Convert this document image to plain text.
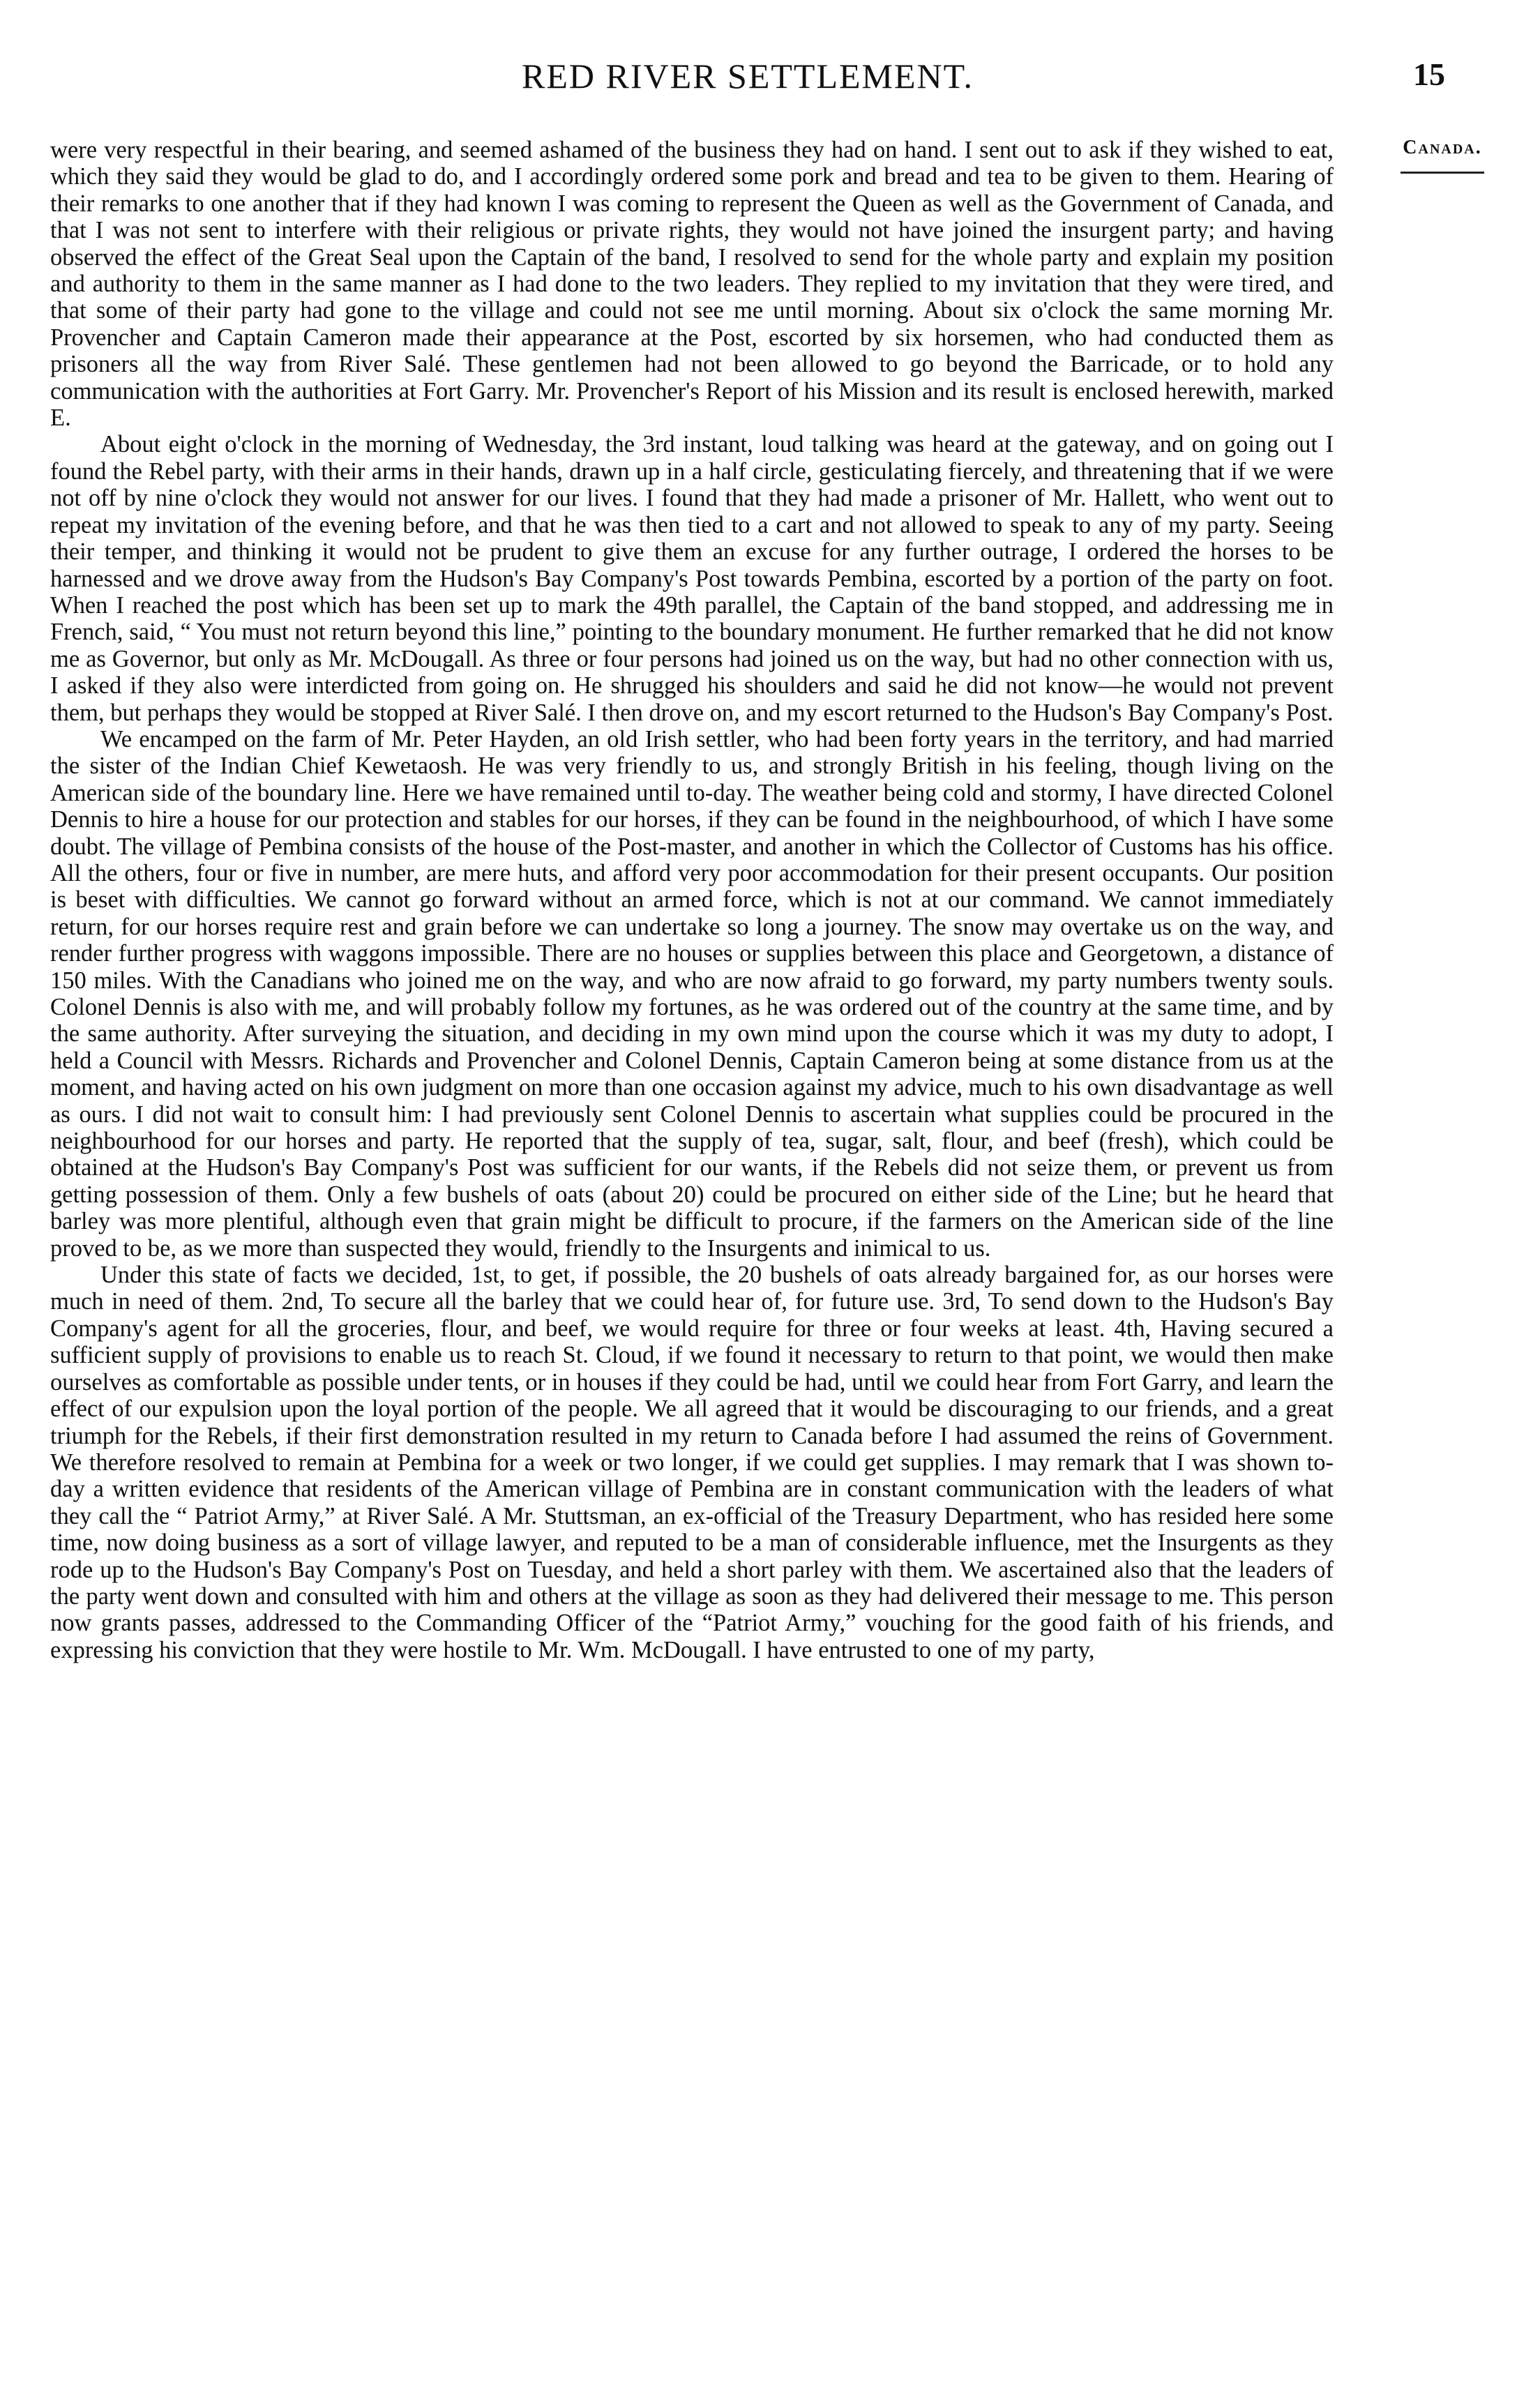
RED RIVER SETTLEMENT.	15
Canada.

were very respectful in their bearing, and seemed ashamed of the business they had on hand. I sent out to ask if they wished to eat, which they said they would be glad to do, and I accordingly ordered some pork and bread and tea to be given to them. Hearing of their remarks to one another that if they had known I was coming to represent the Queen as well as the Government of Canada, and that I was not sent to interfere with their religious or private rights, they would not have joined the insurgent party; and having observed the effect of the Great Seal upon the Captain of the band, I resolved to send for the whole party and explain my position and authority to them in the same manner as I had done to the two leaders. They replied to my invitation that they were tired, and that some of their party had gone to the village and could not see me until morning. About six o'clock the same morning Mr. Provencher and Captain Cameron made their appearance at the Post, escorted by six horsemen, who had conducted them as prisoners all the way from River Salé. These gentlemen had not been allowed to go beyond the Barricade, or to hold any communication with the authorities at Fort Garry. Mr. Provencher's Report of his Mission and its result is enclosed herewith, marked E.

About eight o'clock in the morning of Wednesday, the 3rd instant, loud talking was heard at the gateway, and on going out I found the Rebel party, with their arms in their hands, drawn up in a half circle, gesticulating fiercely, and threatening that if we were not off by nine o'clock they would not answer for our lives. I found that they had made a prisoner of Mr. Hallett, who went out to repeat my invitation of the evening before, and that he was then tied to a cart and not allowed to speak to any of my party. Seeing their temper, and thinking it would not be prudent to give them an excuse for any further outrage, I ordered the horses to be harnessed and we drove away from the Hudson's Bay Company's Post towards Pembina, escorted by a portion of the party on foot. When I reached the post which has been set up to mark the 49th parallel, the Captain of the band stopped, and addressing me in French, said, “ You must not return beyond this line,” pointing to the boundary monument. He further remarked that he did not know me as Governor, but only as Mr. McDougall. As three or four persons had joined us on the way, but had no other connection with us, I asked if they also were interdicted from going on. He shrugged his shoulders and said he did not know—he would not prevent them, but perhaps they would be stopped at River Salé. I then drove on, and my escort returned to the Hudson's Bay Company's Post.

We encamped on the farm of Mr. Peter Hayden, an old Irish settler, who had been forty years in the territory, and had married the sister of the Indian Chief Kewetaosh. He was very friendly to us, and strongly British in his feeling, though living on the American side of the boundary line. Here we have remained until to-day. The weather being cold and stormy, I have directed Colonel Dennis to hire a house for our protection and stables for our horses, if they can be found in the neighbourhood, of which I have some doubt. The village of Pembina consists of the house of the Post-master, and another in which the Collector of Customs has his office. All the others, four or five in number, are mere huts, and afford very poor accommodation for their present occupants. Our position is beset with difficulties. We cannot go forward without an armed force, which is not at our command. We cannot immediately return, for our horses require rest and grain before we can undertake so long a journey. The snow may overtake us on the way, and render further progress with waggons impossible. There are no houses or supplies between this place and Georgetown, a distance of 150 miles. With the Canadians who joined me on the way, and who are now afraid to go forward, my party numbers twenty souls. Colonel Dennis is also with me, and will probably follow my fortunes, as he was ordered out of the country at the same time, and by the same authority. After surveying the situation, and deciding in my own mind upon the course which it was my duty to adopt, I held a Council with Messrs. Richards and Provencher and Colonel Dennis, Captain Cameron being at some distance from us at the moment, and having acted on his own judgment on more than one occasion against my advice, much to his own disadvantage as well as ours. I did not wait to consult him: I had previously sent Colonel Dennis to ascertain what supplies could be procured in the neighbourhood for our horses and party. He reported that the supply of tea, sugar, salt, flour, and beef (fresh), which could be obtained at the Hudson's Bay Company's Post was sufficient for our wants, if the Rebels did not seize them, or prevent us from getting possession of them. Only a few bushels of oats (about 20) could be procured on either side of the Line; but he heard that barley was more plentiful, although even that grain might be difficult to procure, if the farmers on the American side of the line proved to be, as we more than suspected they would, friendly to the Insurgents and inimical to us.

Under this state of facts we decided, 1st, to get, if possible, the 20 bushels of oats already bargained for, as our horses were much in need of them. 2nd, To secure all the barley that we could hear of, for future use. 3rd, To send down to the Hudson's Bay Company's agent for all the groceries, flour, and beef, we would require for three or four weeks at least. 4th, Having secured a sufficient supply of provisions to enable us to reach St. Cloud, if we found it necessary to return to that point, we would then make ourselves as comfortable as possible under tents, or in houses if they could be had, until we could hear from Fort Garry, and learn the effect of our expulsion upon the loyal portion of the people. We all agreed that it would be discouraging to our friends, and a great triumph for the Rebels, if their first demonstration resulted in my return to Canada before I had assumed the reins of Government. We therefore resolved to remain at Pembina for a week or two longer, if we could get supplies. I may remark that I was shown to-day a written evidence that residents of the American village of Pembina are in constant communication with the leaders of what they call the “ Patriot Army,” at River Salé. A Mr. Stuttsman, an ex-official of the Treasury Department, who has resided here some time, now doing business as a sort of village lawyer, and reputed to be a man of considerable influence, met the Insurgents as they rode up to the Hudson's Bay Company's Post on Tuesday, and held a short parley with them. We ascertained also that the leaders of the party went down and consulted with him and others at the village as soon as they had delivered their message to me. This person now grants passes, addressed to the Commanding Officer of the “Patriot Army,” vouching for the good faith of his friends, and expressing his conviction that they were hostile to Mr. Wm. McDougall. I have entrusted to one of my party,
